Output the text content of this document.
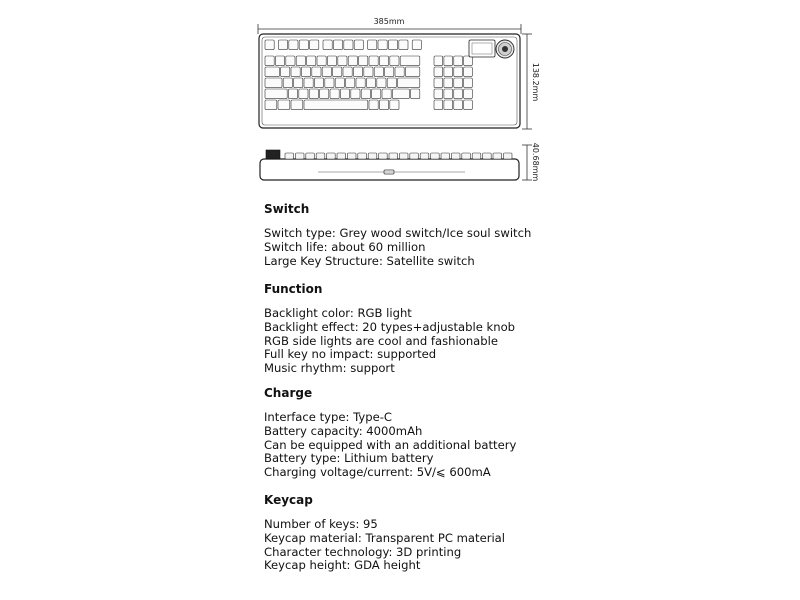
385mm
138.2mm
40.68mm
Switch
Switch type: Grey wood switch/Ice soul switch
Switch life: about 60 million
Large Key Structure: Satellite switch
Function
Backlight color: RGB light
Backlight effect: 20 types+adjustable knob
RGB side lights are cool and fashionable
Full key no impact: supported
Music rhythm: support
Charge
Interface type: Type-C
Battery capacity: 4000mAh
Can be equipped with an additional battery
Battery type: Lithium battery
Charging voltage/current: 5V/⩽ 600mA
Keycap
Number of keys: 95
Keycap material: Transparent PC material
Character technology: 3D printing
Keycap height: GDA height
